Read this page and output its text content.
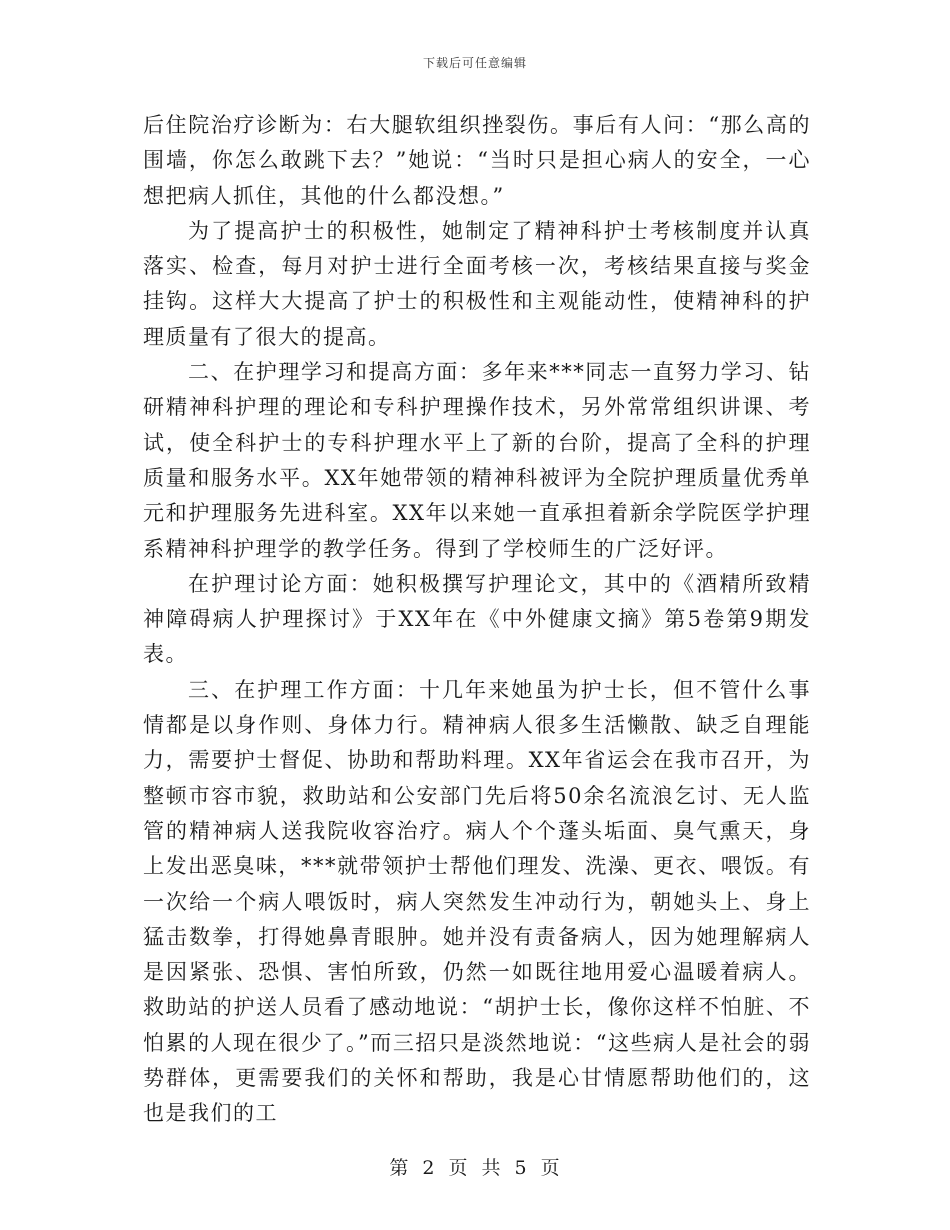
下载后可任意编辑

后住院治疗诊断为：右大腿软组织挫裂伤。事后有人问：“那么高的围墙，你怎么敢跳下去？”她说：“当时只是担心病人的安全，一心想把病人抓住，其他的什么都没想。”

为了提高护士的积极性，她制定了精神科护士考核制度并认真落实、检查，每月对护士进行全面考核一次，考核结果直接与奖金挂钩。这样大大提高了护士的积极性和主观能动性，使精神科的护理质量有了很大的提高。

二、在护理学习和提高方面：多年来***同志一直努力学习、钻研精神科护理的理论和专科护理操作技术，另外常常组织讲课、考试，使全科护士的专科护理水平上了新的台阶，提高了全科的护理质量和服务水平。XX年她带领的精神科被评为全院护理质量优秀单元和护理服务先进科室。XX年以来她一直承担着新余学院医学护理系精神科护理学的教学任务。得到了学校师生的广泛好评。

在护理讨论方面：她积极撰写护理论文，其中的《酒精所致精神障碍病人护理探讨》于XX年在《中外健康文摘》第5卷第9期发表。

三、在护理工作方面：十几年来她虽为护士长，但不管什么事情都是以身作则、身体力行。精神病人很多生活懒散、缺乏自理能力，需要护士督促、协助和帮助料理。XX年省运会在我市召开，为整顿市容市貌，救助站和公安部门先后将50余名流浪乞讨、无人监管的精神病人送我院收容治疗。病人个个蓬头垢面、臭气熏天，身上发出恶臭味，***就带领护士帮他们理发、洗澡、更衣、喂饭。有一次给一个病人喂饭时，病人突然发生冲动行为，朝她头上、身上猛击数拳，打得她鼻青眼肿。她并没有责备病人，因为她理解病人是因紧张、恐惧、害怕所致，仍然一如既往地用爱心温暖着病人。救助站的护送人员看了感动地说：“胡护士长，像你这样不怕脏、不怕累的人现在很少了。”而三招只是淡然地说：“这些病人是社会的弱势群体，更需要我们的关怀和帮助，我是心甘情愿帮助他们的，这也是我们的工

第 2 页 共 5 页
